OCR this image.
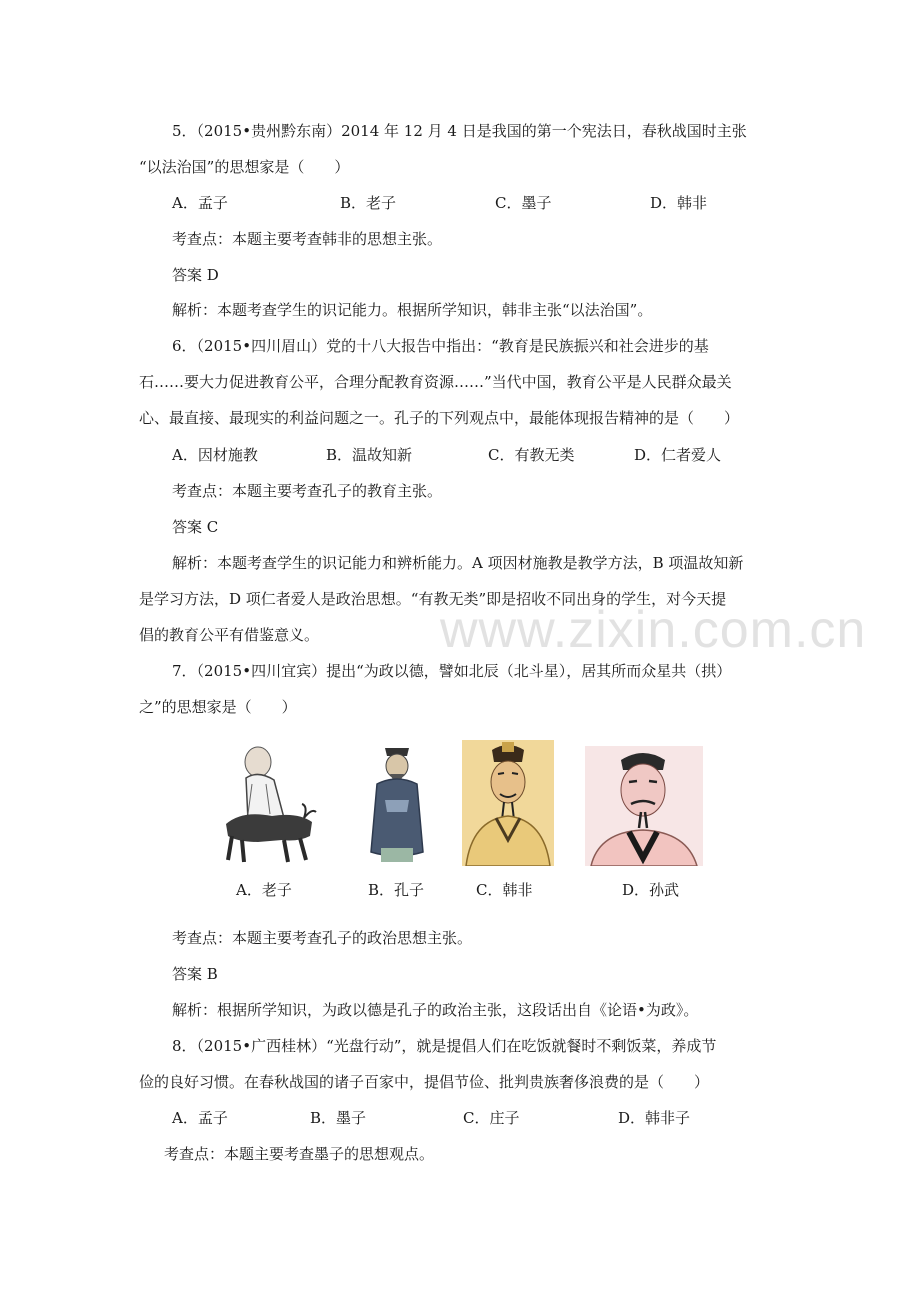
www.zixin.com.cn
5．（2015•贵州黔东南）2014 年 12 月 4 日是我国的第一个宪法日，春秋战国时主张
“以法治国”的思想家是（　　）
A．孟子	B．老子	C．墨子	D．韩非
考查点：本题主要考查韩非的思想主张。
答案 D
解析：本题考查学生的识记能力。根据所学知识，韩非主张“以法治国”。
6．（2015•四川眉山）党的十八大报告中指出：“教育是民族振兴和社会进步的基
石……要大力促进教育公平，合理分配教育资源……”当代中国，教育公平是人民群众最关
心、最直接、最现实的利益问题之一。孔子的下列观点中，最能体现报告精神的是（　　）
A．因材施教	B．温故知新	C．有教无类	D．仁者爱人
考查点：本题主要考查孔子的教育主张。
答案 C
解析：本题考查学生的识记能力和辨析能力。A 项因材施教是教学方法，B 项温故知新
是学习方法，D 项仁者爱人是政治思想。“有教无类”即是招收不同出身的学生，对今天提
倡的教育公平有借鉴意义。
7．（2015•四川宜宾）提出“为政以德，譬如北辰（北斗星），居其所而众星共（拱）
之”的思想家是（　　）
A．老子	B．孔子	C．韩非	D．孙武
考查点：本题主要考查孔子的政治思想主张。
答案 B
解析：根据所学知识，为政以德是孔子的政治主张，这段话出自《论语•为政》。
8．（2015•广西桂林）“光盘行动”，就是提倡人们在吃饭就餐时不剩饭菜，养成节
俭的良好习惯。在春秋战国的诸子百家中，提倡节俭、批判贵族奢侈浪费的是（　　）
A．孟子	B．墨子	C．庄子	D．韩非子
考查点：本题主要考查墨子的思想观点。
